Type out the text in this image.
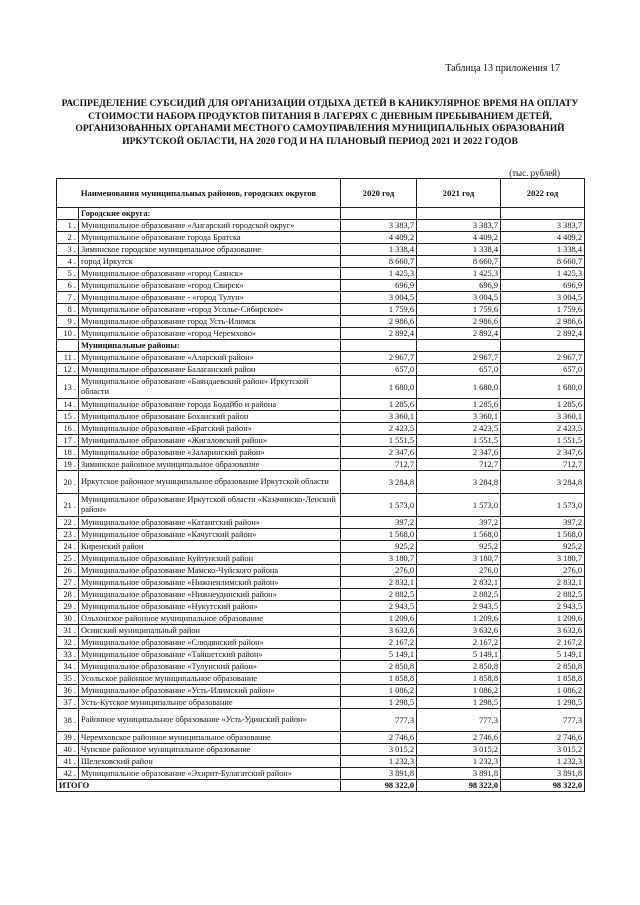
Таблица 13 приложения 17
РАСПРЕДЕЛЕНИЕ СУБСИДИЙ ДЛЯ ОРГАНИЗАЦИИ ОТДЫХА ДЕТЕЙ В КАНИКУЛЯРНОЕ ВРЕМЯ НА ОПЛАТУ СТОИМОСТИ НАБОРА ПРОДУКТОВ ПИТАНИЯ В ЛАГЕРЯХ С ДНЕВНЫМ ПРЕБЫВАНИЕМ ДЕТЕЙ, ОРГАНИЗОВАННЫХ ОРГАНАМИ МЕСТНОГО САМОУПРАВЛЕНИЯ МУНИЦИПАЛЬНЫХ ОБРАЗОВАНИЙ ИРКУТСКОЙ ОБЛАСТИ, НА 2020 ГОД И НА ПЛАНОВЫЙ ПЕРИОД 2021 И 2022 ГОДОВ
(тыс. рублей)
Наименования муниципальных районов, городских округов		2020 год	2021 год	2022 год
	Городские округа:			
1 .	Муниципальное образование «Ангарский городской округ»	3 383,7	3 383,7	3 383,7
2 .	Муниципальное образование города Братска	4 409,2	4 409,2	4 409,2
3 .	Зиминское городское муниципальное образование	1 338,4	1 338,4	1 338,4
4 .	город Иркутск	8 660,7	8 660,7	8 660,7
5 .	Муниципальное образование «город Саянск»	1 425,3	1 425,3	1 425,3
6 .	Муниципальное образование «город Свирск»	696,9	696,9	696,9
7 .	Муниципальное образование - «город Тулун»	3 004,5	3 004,5	3 004,5
8 .	Муниципальное образование «город Усолье-Сибирское»	1 759,6	1 759,6	1 759,6
9 .	Муниципальное образование город Усть-Илимск	2 986,6	2 986,6	2 986,6
10 .	Муниципальное образование «город Черемхово»	2 892,4	2 892,4	2 892,4
	Муниципальные районы:			
11 .	Муниципальное образование «Аларский район»	2 967,7	2 967,7	2 967,7
12 .	Муниципальное образование Балаганский район	657,0	657,0	657,0
13 .	Муниципальное образование «Баяндаевский район» Иркутской области	1 680,0	1 680,0	1 680,0
14 .	Муниципальное образование города Бодайбо и района	1 285,6	1 285,6	1 285,6
15 .	Муниципальное образование Боханский район	3 360,1	3 360,1	3 360,1
16 .	Муниципальное образование «Братский район»	2 423,5	2 423,5	2 423,5
17 .	Муниципальное образование «Жигаловский район»	1 551,5	1 551,5	1 551,5
18 .	Муниципальное образование «Заларинский район»	2 347,6	2 347,6	2 347,6
19 .	Зиминское районное муниципальное образование	712,7	712,7	712,7
20 .	Иркутское районное муниципальное образование Иркутской области	3 284,8	3 284,8	3 284,8
21 .	Муниципальное образование Иркутской области «Казачинско-Ленский район»	1 573,0	1 573,0	1 573,0
22 .	Муниципальное образование «Катангский район»	397,2	397,2	397,2
23 .	Муниципальное образование «Качугский район»	1 568,0	1 568,0	1 568,0
24 .	Киренский район	925,2	925,2	925,2
25 .	Муниципальное образование Куйтунский район	3 180,7	3 180,7	3 180,7
26 .	Муниципальное образование Мамско-Чуйского района	276,0	276,0	276,0
27 .	Муниципальное образование «Нижнеилимский район»	2 832,1	2 832,1	2 832,1
28 .	Муниципальное образование «Нижнеудинский район»	2 882,5	2 882,5	2 882,5
29 .	Муниципальное образование «Нукутский район»	2 943,5	2 943,5	2 943,5
30 .	Ольхонское районное муниципальное образование	1 209,6	1 209,6	1 209,6
31 .	Осинский муниципальный район	3 632,6	3 632,6	3 632,6
32 .	Муниципальное образование «Слюдянский район»	2 167,2	2 167,2	2 167,2
33 .	Муниципальное образование «Тайшетский район»	5 149,1	5 149,1	5 149,1
34 .	Муниципальное образование «Тулунский район»	2 850,8	2 850,8	2 850,8
35 .	Усольское районное муниципальное образование	1 858,8	1 858,8	1 858,8
36 .	Муниципальное образование «Усть-Илимский район»	1 086,2	1 086,2	1 086,2
37 .	Усть-Кутское муниципальное образование	1 298,5	1 298,5	1 298,5
38 .	Районное муниципальное образование «Усть-Удинский район»	777,3	777,3	777,3
39 .	Черемховское районное муниципальное образование	2 746,6	2 746,6	2 746,6
40 .	Чунское районное муниципальное образование	3 015,2	3 015,2	3 015,2
41 .	Шелеховский район	1 232,3	1 232,3	1 232,3
42 .	Муниципальное образование «Эхирит-Булагатский район»	3 891,8	3 891,8	3 891,8
ИТОГО		98 322,0	98 322,0	98 322,0
